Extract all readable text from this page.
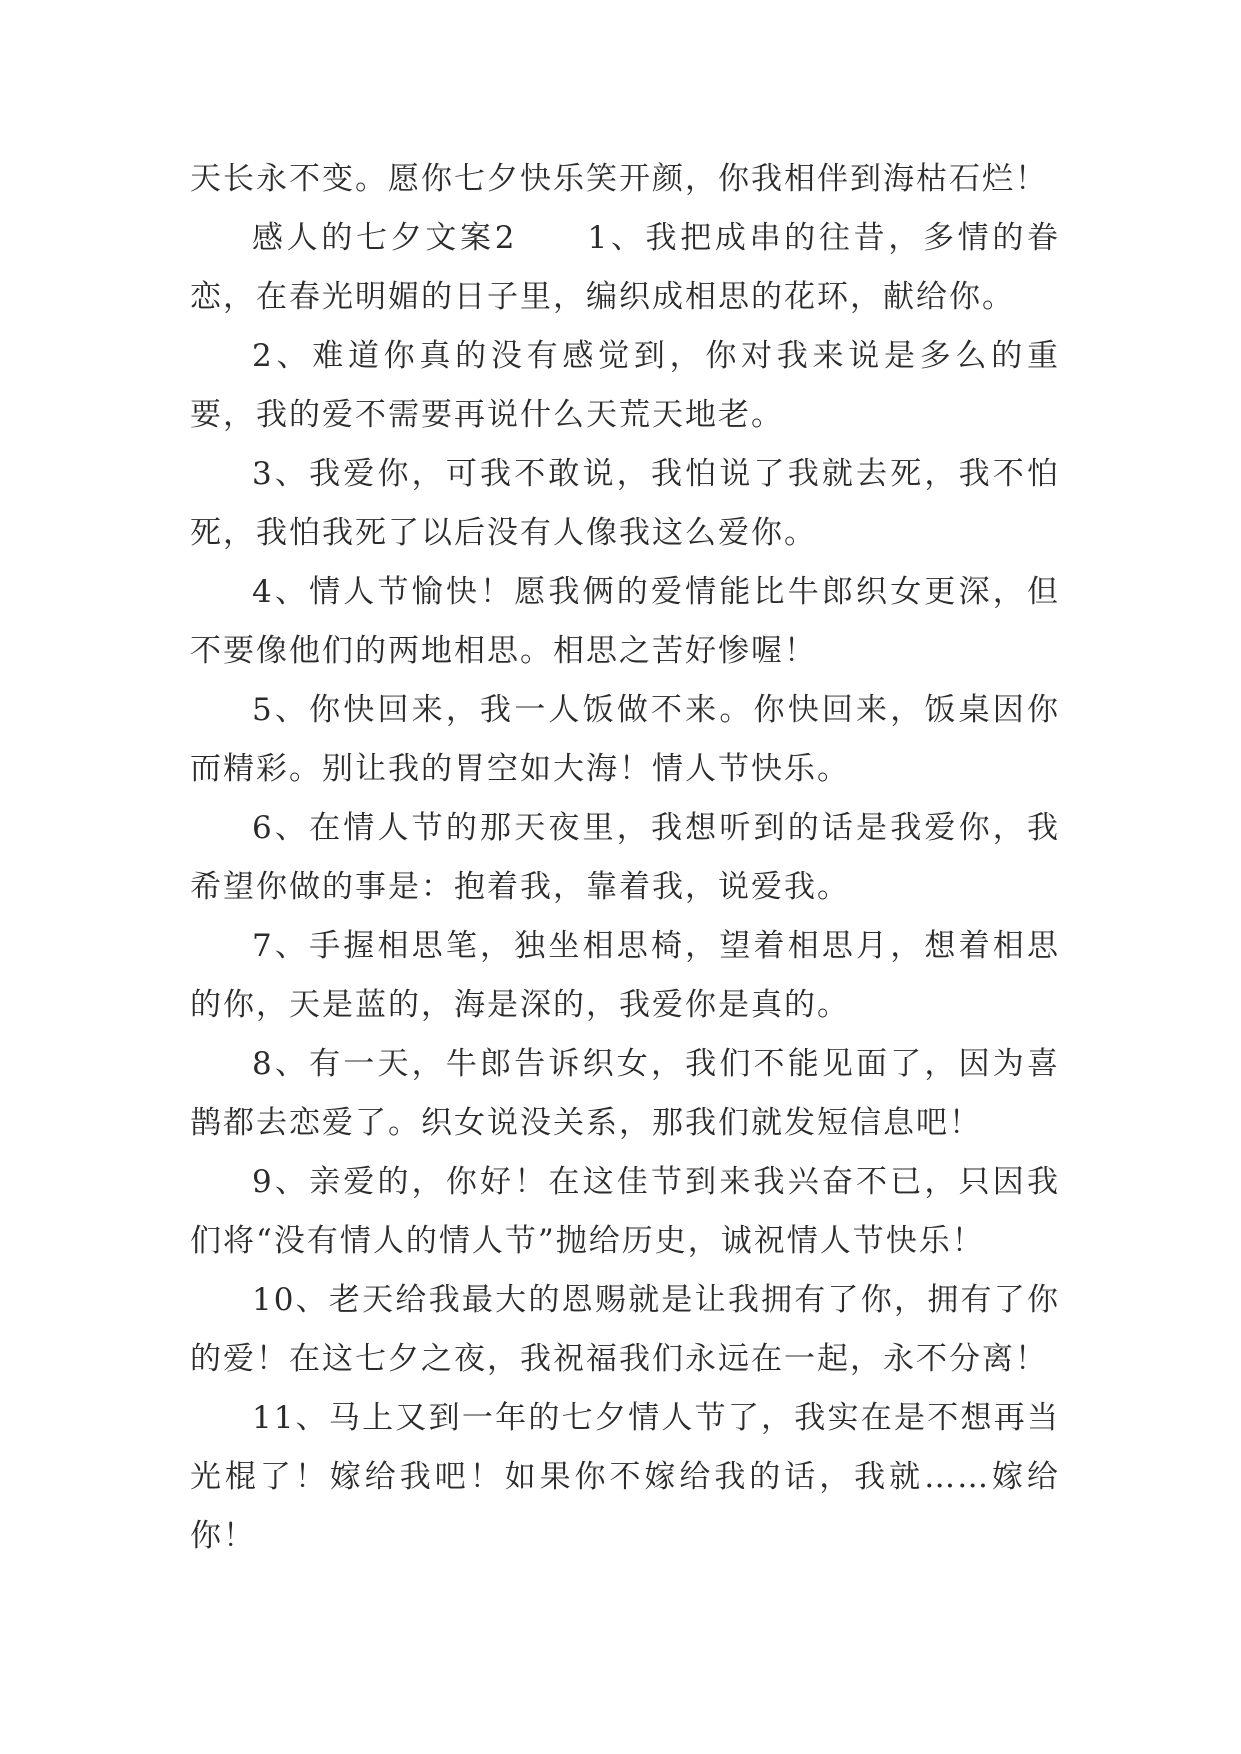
天长永不变。愿你七夕快乐笑开颜，你我相伴到海枯石烂！

感人的七夕文案2　　1、我把成串的往昔，多情的眷恋，在春光明媚的日子里，编织成相思的花环，献给你。

2、难道你真的没有感觉到，你对我来说是多么的重要，我的爱不需要再说什么天荒天地老。

3、我爱你，可我不敢说，我怕说了我就去死，我不怕死，我怕我死了以后没有人像我这么爱你。

4、情人节愉快！愿我俩的爱情能比牛郎织女更深，但不要像他们的两地相思。相思之苦好惨喔！

5、你快回来，我一人饭做不来。你快回来，饭桌因你而精彩。别让我的胃空如大海！情人节快乐。

6、在情人节的那天夜里，我想听到的话是我爱你，我希望你做的事是：抱着我，靠着我，说爱我。

7、手握相思笔，独坐相思椅，望着相思月，想着相思的你，天是蓝的，海是深的，我爱你是真的。

8、有一天，牛郎告诉织女，我们不能见面了，因为喜鹊都去恋爱了。织女说没关系，那我们就发短信息吧！

9、亲爱的，你好！在这佳节到来我兴奋不已，只因我们将“没有情人的情人节”抛给历史，诚祝情人节快乐！

10、老天给我最大的恩赐就是让我拥有了你，拥有了你的爱！在这七夕之夜，我祝福我们永远在一起，永不分离！

11、马上又到一年的七夕情人节了，我实在是不想再当光棍了！嫁给我吧！如果你不嫁给我的话，我就……嫁给你！
